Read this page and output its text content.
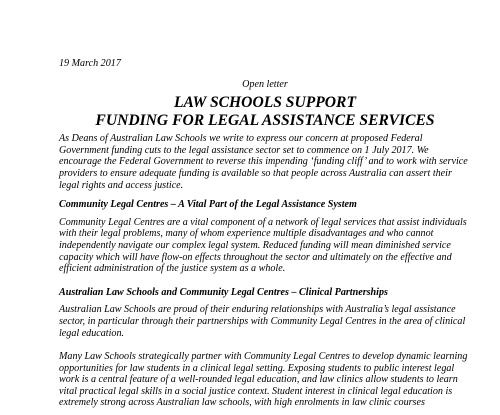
19 March 2017

Open letter

LAW SCHOOLS SUPPORT
FUNDING FOR LEGAL ASSISTANCE SERVICES

As Deans of Australian Law Schools we write to express our concern at proposed Federal Government funding cuts to the legal assistance sector set to commence on 1 July 2017. We encourage the Federal Government to reverse this impending ‘funding cliff’ and to work with service providers to ensure adequate funding is available so that people across Australia can assert their legal rights and access justice.

Community Legal Centres – A Vital Part of the Legal Assistance System

Community Legal Centres are a vital component of a network of legal services that assist individuals with their legal problems, many of whom experience multiple disadvantages and who cannot independently navigate our complex legal system. Reduced funding will mean diminished service capacity which will have flow-on effects throughout the sector and ultimately on the effective and efficient administration of the justice system as a whole.

Australian Law Schools and Community Legal Centres – Clinical Partnerships

Australian Law Schools are proud of their enduring relationships with Australia’s legal assistance sector, in particular through their partnerships with Community Legal Centres in the area of clinical legal education.

Many Law Schools strategically partner with Community Legal Centres to develop dynamic learning opportunities for law students in a clinical legal setting. Exposing students to public interest legal work is a central feature of a well-rounded legal education, and law clinics allow students to learn vital practical legal skills in a social justice context. Student interest in clinical legal education is extremely strong across Australian law schools, with high enrolments in law clinic courses
